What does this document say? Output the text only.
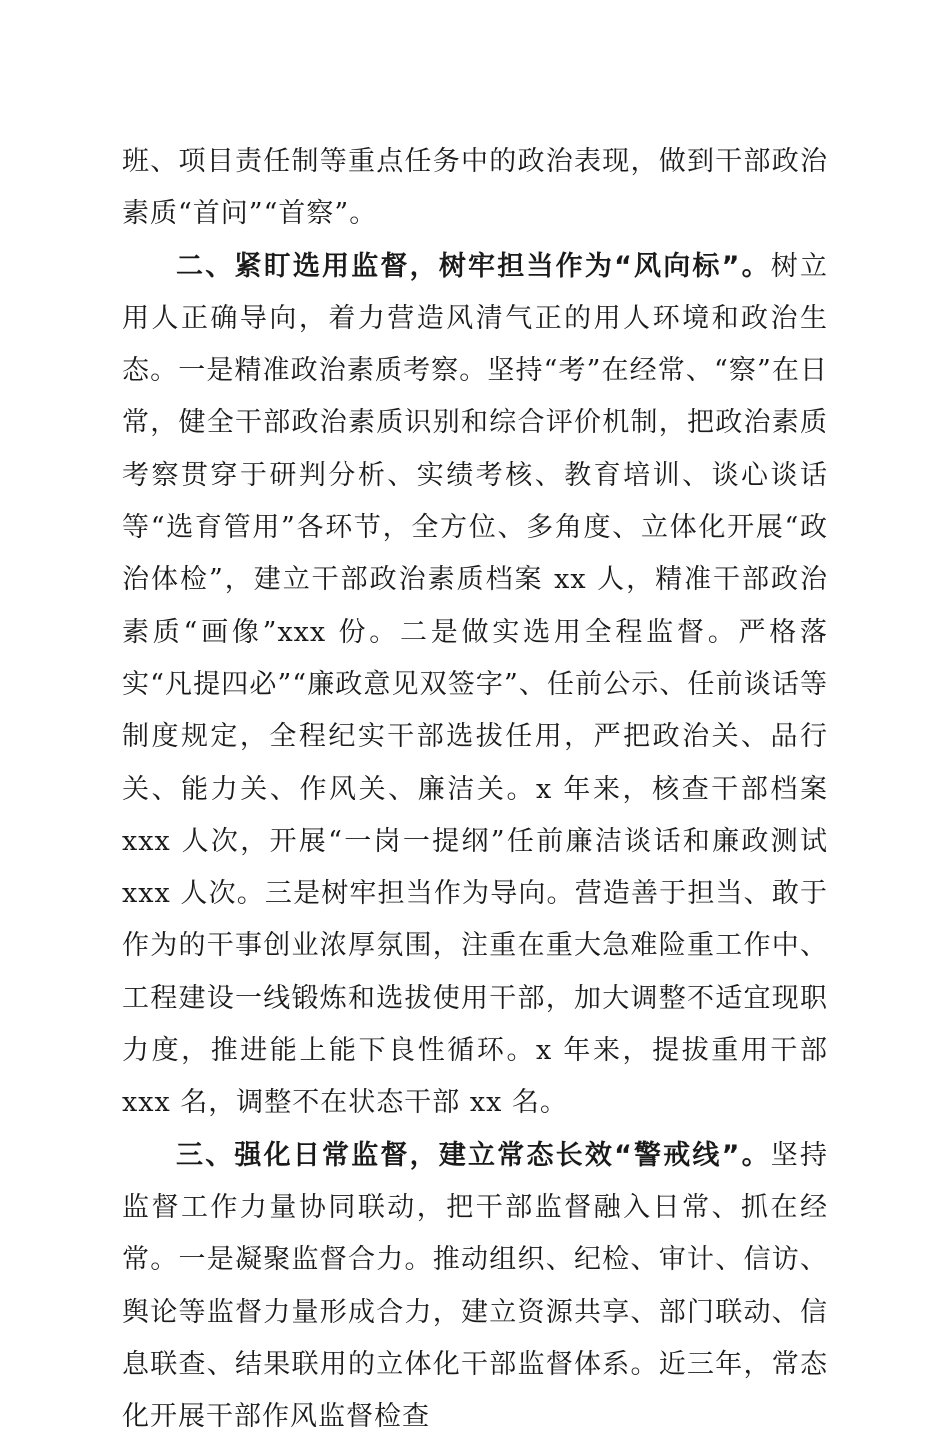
班、项目责任制等重点任务中的政治表现，做到干部政治素质“首问”“首察”。

二、紧盯选用监督，树牢担当作为“风向标”。树立用人正确导向，着力营造风清气正的用人环境和政治生态。一是精准政治素质考察。坚持“考”在经常、“察”在日常，健全干部政治素质识别和综合评价机制，把政治素质考察贯穿于研判分析、实绩考核、教育培训、谈心谈话等“选育管用”各环节，全方位、多角度、立体化开展“政治体检”，建立干部政治素质档案 xx 人，精准干部政治素质“画像”xxx 份。二是做实选用全程监督。严格落实“凡提四必”“廉政意见双签字”、任前公示、任前谈话等制度规定，全程纪实干部选拔任用，严把政治关、品行关、能力关、作风关、廉洁关。x 年来，核查干部档案 xxx 人次，开展“一岗一提纲”任前廉洁谈话和廉政测试 xxx 人次。三是树牢担当作为导向。营造善于担当、敢于作为的干事创业浓厚氛围，注重在重大急难险重工作中、工程建设一线锻炼和选拔使用干部，加大调整不适宜现职力度，推进能上能下良性循环。x 年来，提拔重用干部 xxx 名，调整不在状态干部 xx 名。

三、强化日常监督，建立常态长效“警戒线”。坚持监督工作力量协同联动，把干部监督融入日常、抓在经常。一是凝聚监督合力。推动组织、纪检、审计、信访、舆论等监督力量形成合力，建立资源共享、部门联动、信息联查、结果联用的立体化干部监督体系。近三年，常态化开展干部作风监督检查
